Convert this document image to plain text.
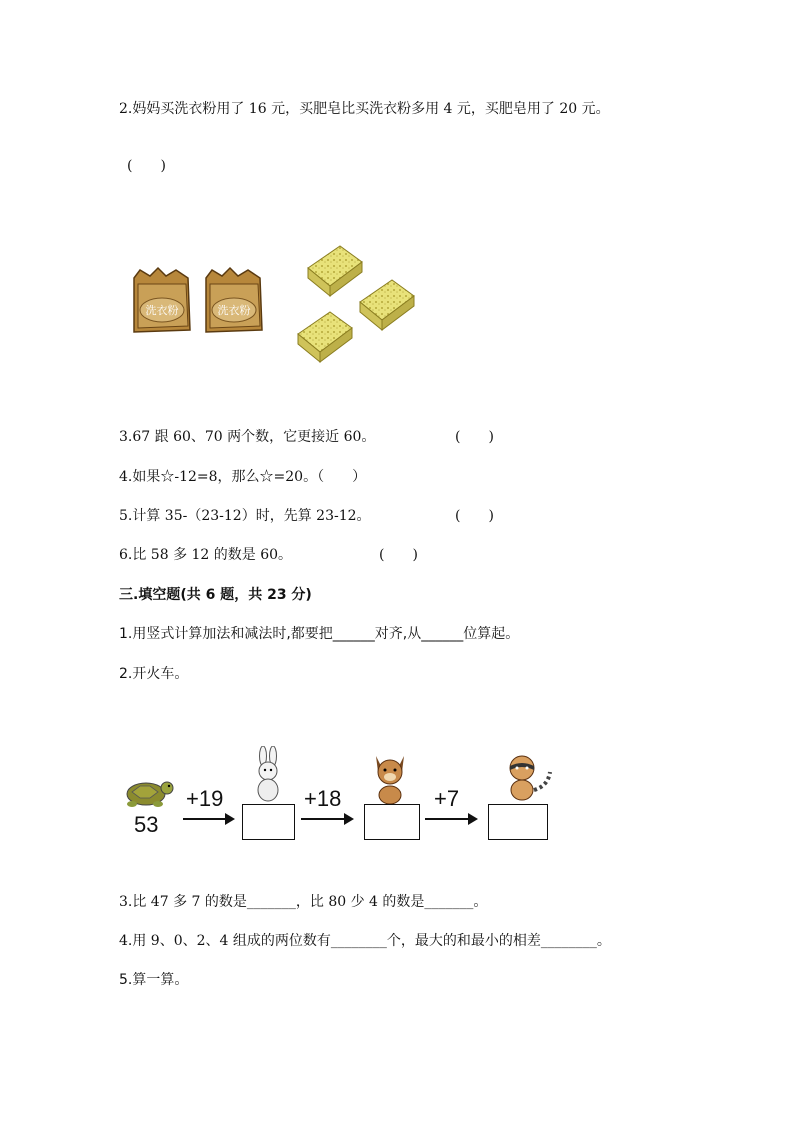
2.妈妈买洗衣粉用了 16 元，买肥皂比买洗衣粉多用 4 元，买肥皂用了 20 元。
(　　)
洗衣粉	洗衣粉
3.67 跟 60、70 两个数，它更接近 60。	(　　)
4.如果☆-12=8，那么☆=20。（　　）
5.计算 35-（23-12）时，先算 23-12。	(　　)
6.比 58 多 12 的数是 60。	(　　)
三.填空题(共 6 题，共 23 分)
1.用竖式计算加法和减法时,都要把______对齐,从______位算起。
2.开火车。
53
+19	+18	+7
3.比 47 多 7 的数是_______，比 80 少 4 的数是_______。
4.用 9、0、2、4 组成的两位数有________个，最大的和最小的相差________。
5.算一算。
